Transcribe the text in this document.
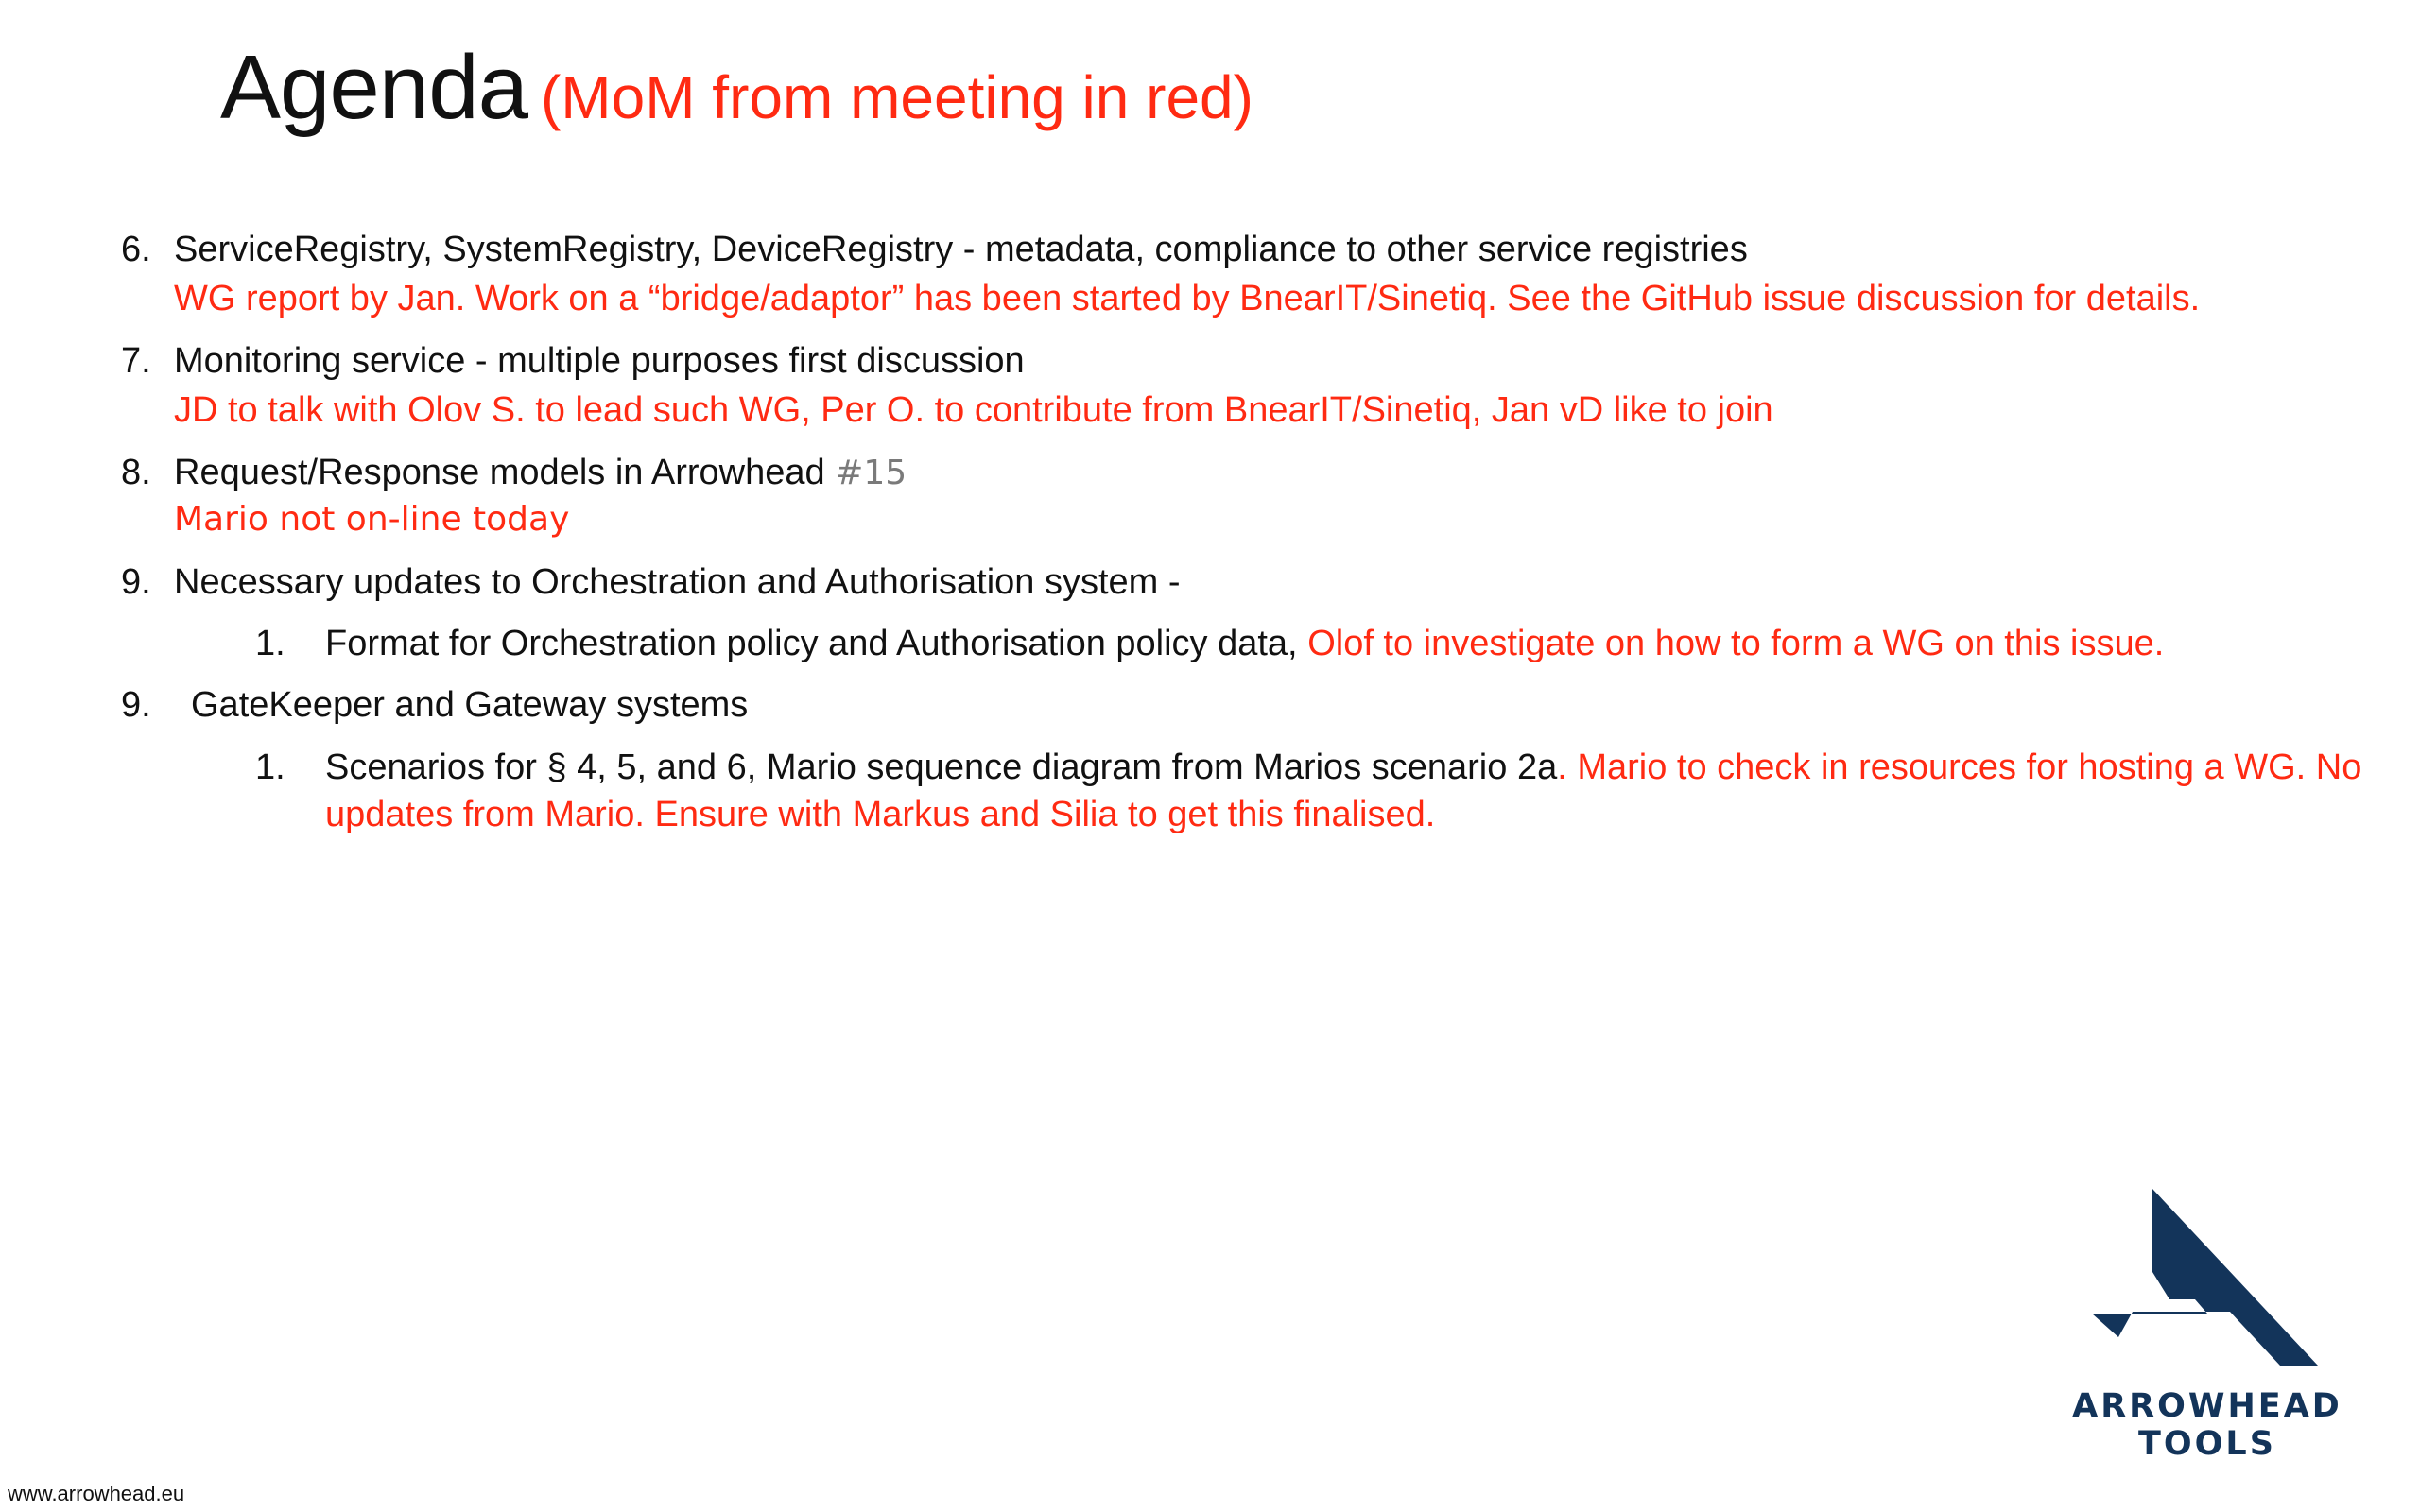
Agenda (MoM from meeting in red)
6. ServiceRegistry, SystemRegistry, DeviceRegistry - metadata, compliance to other service registries
WG report by Jan. Work on a “bridge/adaptor” has been started by BnearIT/Sinetiq. See the GitHub issue discussion for details.
7. Monitoring service - multiple purposes first discussion
JD to talk with Olov S. to lead such WG, Per O. to contribute from BnearIT/Sinetiq, Jan vD like to join
8. Request/Response models in Arrowhead #15
Mario not on-line today
9. Necessary updates to Orchestration and Authorisation system -
1. Format for Orchestration policy and Authorisation policy data, Olof to investigate on how to form a WG on this issue.
9. GateKeeper and Gateway systems
1. Scenarios for § 4, 5, and 6, Mario sequence diagram from Marios scenario 2a. Mario to check in resources for hosting a WG. No
updates from Mario. Ensure with Markus and Silia to get this finalised.
www.arrowhead.eu
ARROWHEAD
TOOLS
